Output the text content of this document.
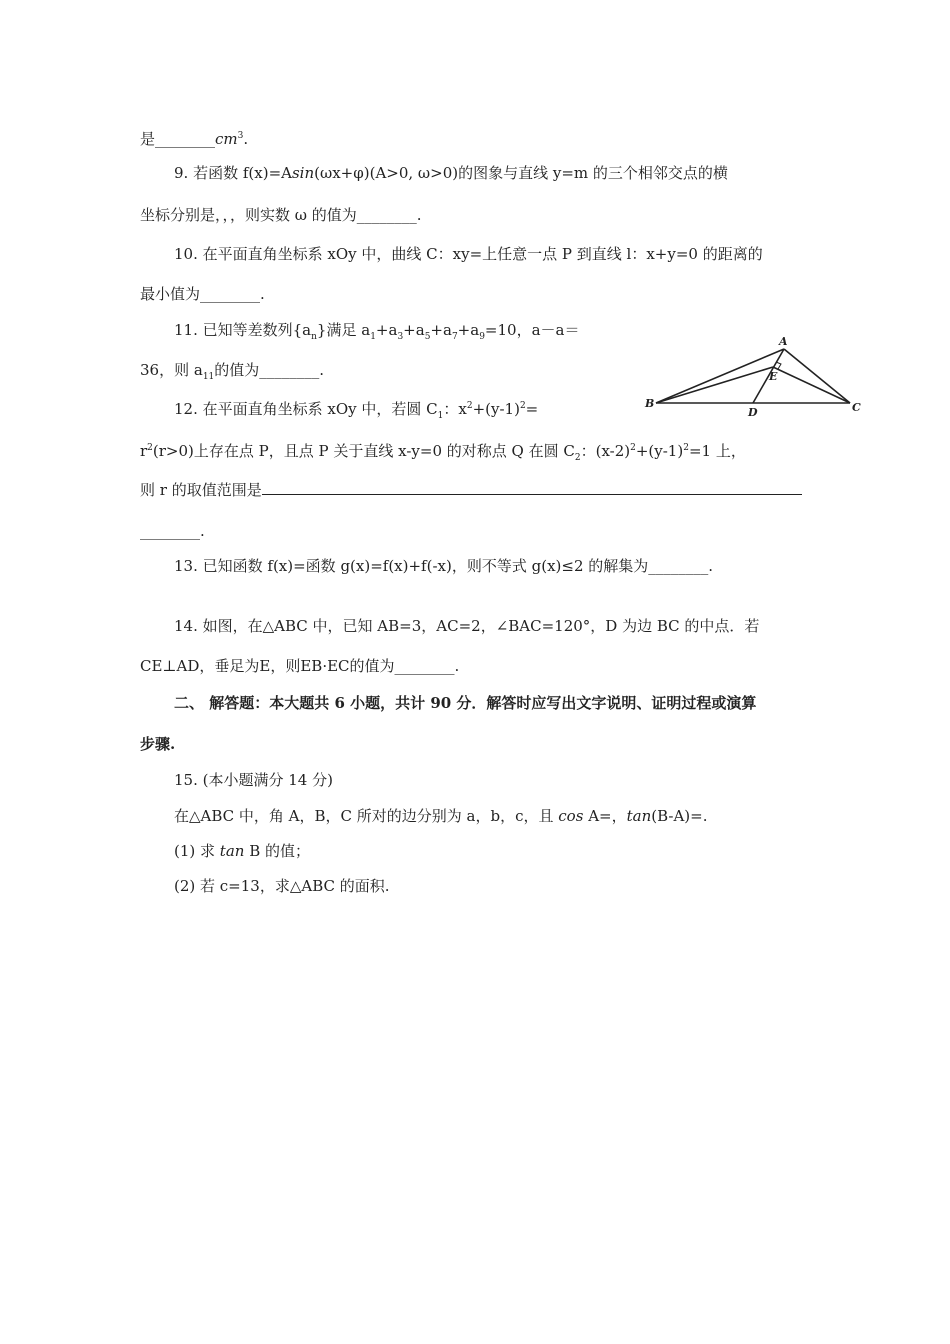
是$\_\_\_\_\_\_\_\_cm^3$.
9. 若函数 f(x)=Asin(ωx+φ)(A>0, ω>0)的图象与直线 y=m 的三个相邻交点的横
坐标分别是，，，则实数 ω 的值为________.
10. 在平面直角坐标系 xOy 中，曲线 C：xy=上任意一点 P 到直线 l：x+y=0 的距离的
最小值为________.
11. 已知等差数列$\{a_n\}$满足 $a_1+a_3+a_5+a_7+a_9=10$，a－a＝
36，则 $a_{11}$的值为________.
12. 在平面直角坐标系 xOy 中，若圆 $C_1$：$x^2+(y-1)^2=$
$r^2(r>0)$上存在点 P，且点 P 关于直线 x-y=0 的对称点 Q 在圆 $C_2$：$(x-2)^2+(y-1)^2=1$ 上，
则 r 的取值范围是
________.
13. 已知函数 f(x)=函数 g(x)=f(x)+f(-x)，则不等式 g(x)≤2 的解集为________.
14. 如图，在△ABC 中，已知 AB=3，AC=2，∠BAC=120°，D 为边 BC 的中点．若
CE⊥AD，垂足为E，则EB·EC的值为________.
二、 解答题：本大题共 6 小题，共计 90 分．解答时应写出文字说明、证明过程或演算
步骤.
15. (本小题满分 14 分)
在△ABC 中，角 A，B，C 所对的边分别为 a，b，c，且 cos A=，tan(B-A)=.
(1) 求 tan B 的值；
(2) 若 c=13，求△ABC 的面积.
A
B	C
D
E
